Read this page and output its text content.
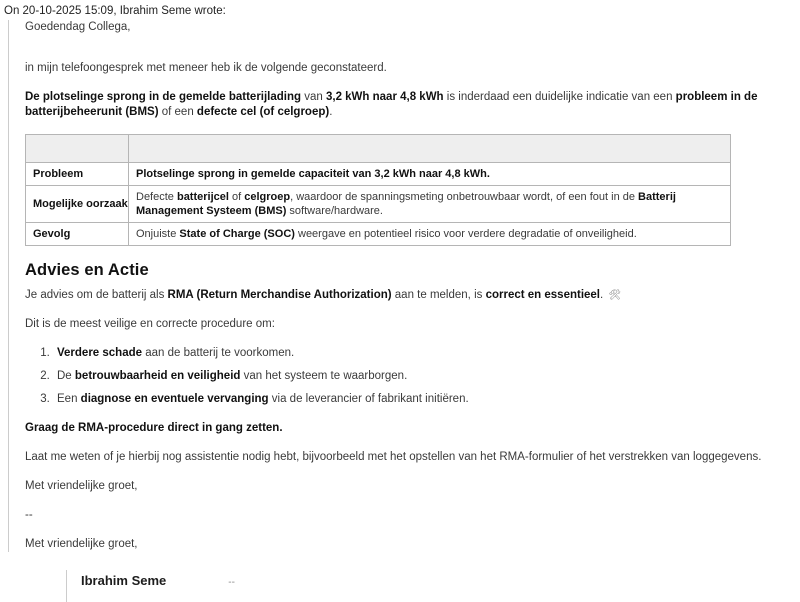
On 20-10-2025 15:09, Ibrahim Seme wrote:

Goedendag Collega,

in mijn telefoongesprek met meneer heb ik de volgende geconstateerd.

De plotselinge sprong in de gemelde batterijlading van 3,2 kWh naar 4,8 kWh is inderdaad een duidelijke indicatie van een probleem in de batterijbeheerunit (BMS) of een defecte cel (of celgroep).

Probleem	Plotselinge sprong in gemelde capaciteit van 3,2 kWh naar 4,8 kWh.
Mogelijke oorzaak	Defecte batterijcel of celgroep, waardoor de spanningsmeting onbetrouwbaar wordt, of een fout in de Batterij Management Systeem (BMS) software/hardware.
Gevolg	Onjuiste State of Charge (SOC) weergave en potentieel risico voor verdere degradatie of onveiligheid.
Advies en Actie

Je advies om de batterij als RMA (Return Merchandise Authorization) aan te melden, is correct en essentieel. 🛠

Dit is de meest veilige en correcte procedure om:

1. Verdere schade aan de batterij te voorkomen.
2. De betrouwbaarheid en veiligheid van het systeem te waarborgen.
3. Een diagnose en eventuele vervanging via de leverancier of fabrikant initiëren.

Graag de RMA-procedure direct in gang zetten.

Laat me weten of je hierbij nog assistentie nodig hebt, bijvoorbeeld met het opstellen van het RMA-formulier of het verstrekken van loggegevens.

Met vriendelijke groet,

--

Met vriendelijke groet,

Ibrahim Seme	--
